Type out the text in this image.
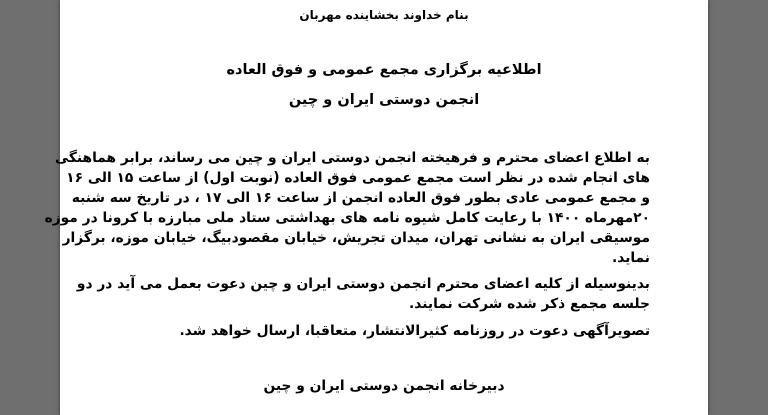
بنام خداوند بخشاینده مهربان
اطلاعیه برگزاری مجمع عمومی و فوق العاده
انجمن دوستی ایران و چین
به اطلاع اعضای محترم و فرهیخته انجمن دوستی ایران و چین می رساند، برابر هماهنگی
های انجام شده در نظر است مجمع عمومی فوق العاده (نوبت اول) از ساعت ۱۵ الی ۱۶
و مجمع عمومی عادی بطور فوق العاده انجمن از ساعت ۱۶ الی ۱۷ ، در تاریخ سه شنبه
۲۰مهرماه ۱۴۰۰ با رعایت کامل شیوه نامه های بهداشتی ستاد ملی مبارزه با کرونا در موزه
موسیقی ایران به نشانی تهران، میدان تجریش، خیابان مقصودبیگ، خیابان موزه، برگزار
نماید.
بدینوسیله از کلیه اعضای محترم انجمن دوستی ایران و چین دعوت بعمل می آید در دو
جلسه مجمع ذکر شده شرکت نمایند.
تصویرآگهی دعوت در روزنامه کثیرالانتشار، متعاقبا، ارسال خواهد شد.
دبیرخانه انجمن دوستی ایران و چین
